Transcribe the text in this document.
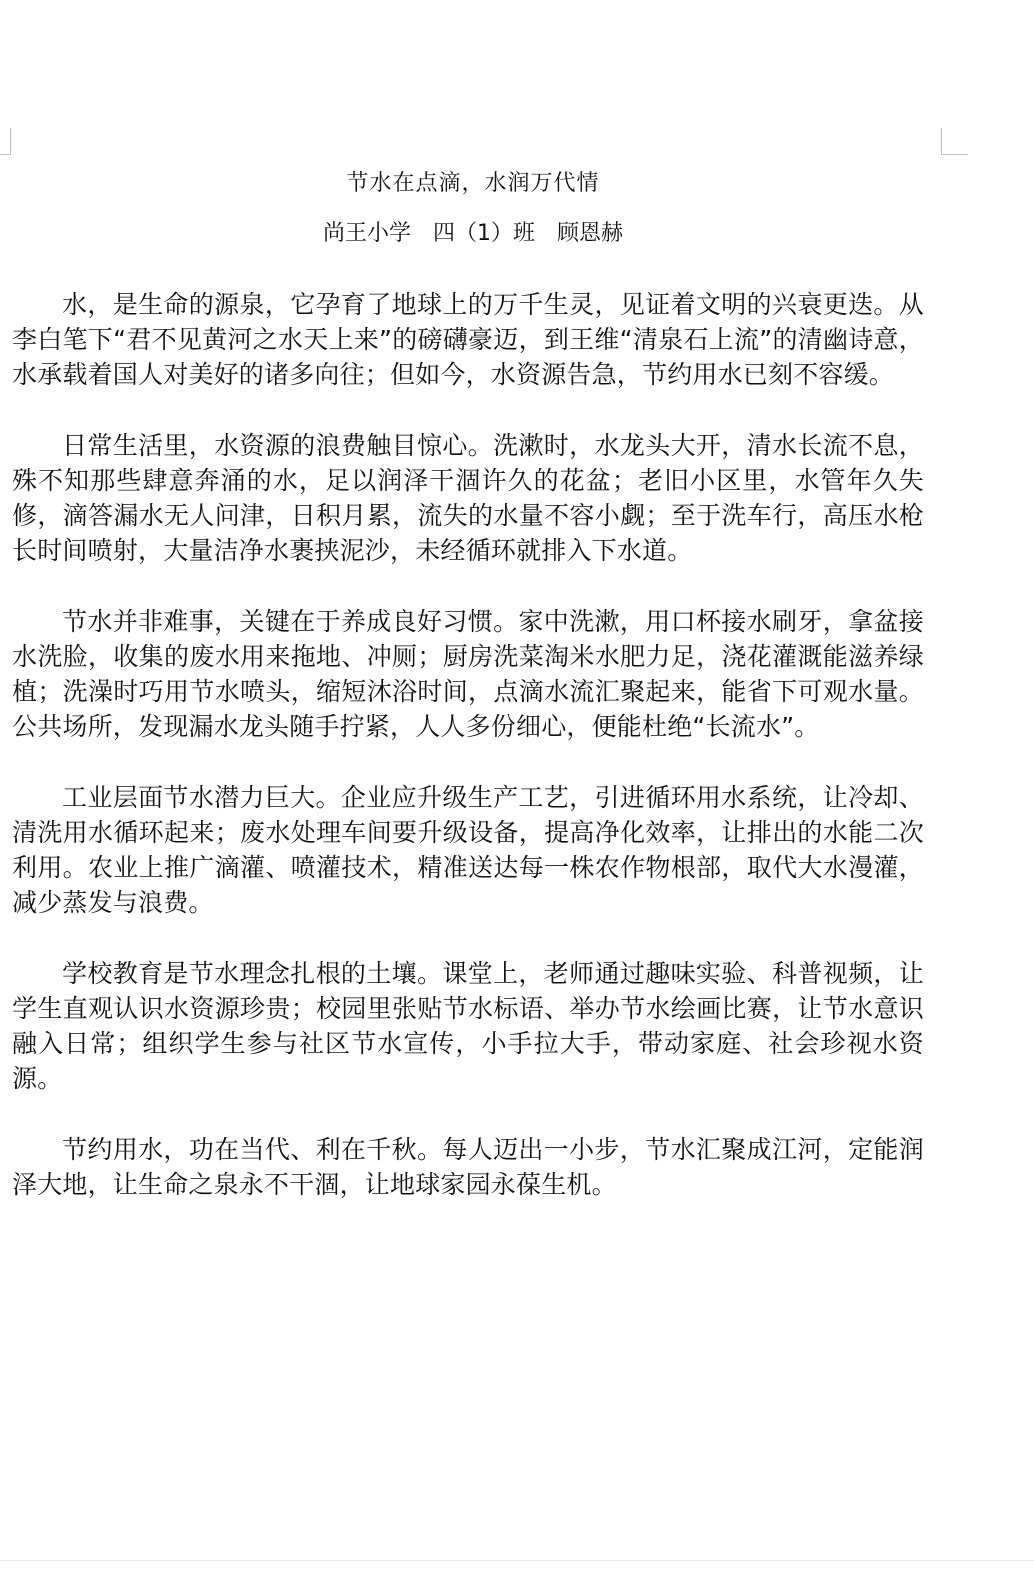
节水在点滴，水润万代情
尚王小学 四（1）班 顾恩赫

水，是生命的源泉，它孕育了地球上的万千生灵，见证着文明的兴衰更迭。从李白笔下“君不见黄河之水天上来”的磅礴豪迈，到王维“清泉石上流”的清幽诗意，水承载着国人对美好的诸多向往；但如今，水资源告急，节约用水已刻不容缓。

日常生活里，水资源的浪费触目惊心。洗漱时，水龙头大开，清水长流不息，殊不知那些肆意奔涌的水，足以润泽干涸许久的花盆；老旧小区里，水管年久失修，滴答漏水无人问津，日积月累，流失的水量不容小觑；至于洗车行，高压水枪长时间喷射，大量洁净水裹挟泥沙，未经循环就排入下水道。

节水并非难事，关键在于养成良好习惯。家中洗漱，用口杯接水刷牙，拿盆接水洗脸，收集的废水用来拖地、冲厕；厨房洗菜淘米水肥力足，浇花灌溉能滋养绿植；洗澡时巧用节水喷头，缩短沐浴时间，点滴水流汇聚起来，能省下可观水量。公共场所，发现漏水龙头随手拧紧，人人多份细心，便能杜绝“长流水”。

工业层面节水潜力巨大。企业应升级生产工艺，引进循环用水系统，让冷却、清洗用水循环起来；废水处理车间要升级设备，提高净化效率，让排出的水能二次利用。农业上推广滴灌、喷灌技术，精准送达每一株农作物根部，取代大水漫灌，减少蒸发与浪费。

学校教育是节水理念扎根的土壤。课堂上，老师通过趣味实验、科普视频，让学生直观认识水资源珍贵；校园里张贴节水标语、举办节水绘画比赛，让节水意识融入日常；组织学生参与社区节水宣传，小手拉大手，带动家庭、社会珍视水资源。

节约用水，功在当代、利在千秋。每人迈出一小步，节水汇聚成江河，定能润泽大地，让生命之泉永不干涸，让地球家园永葆生机。
